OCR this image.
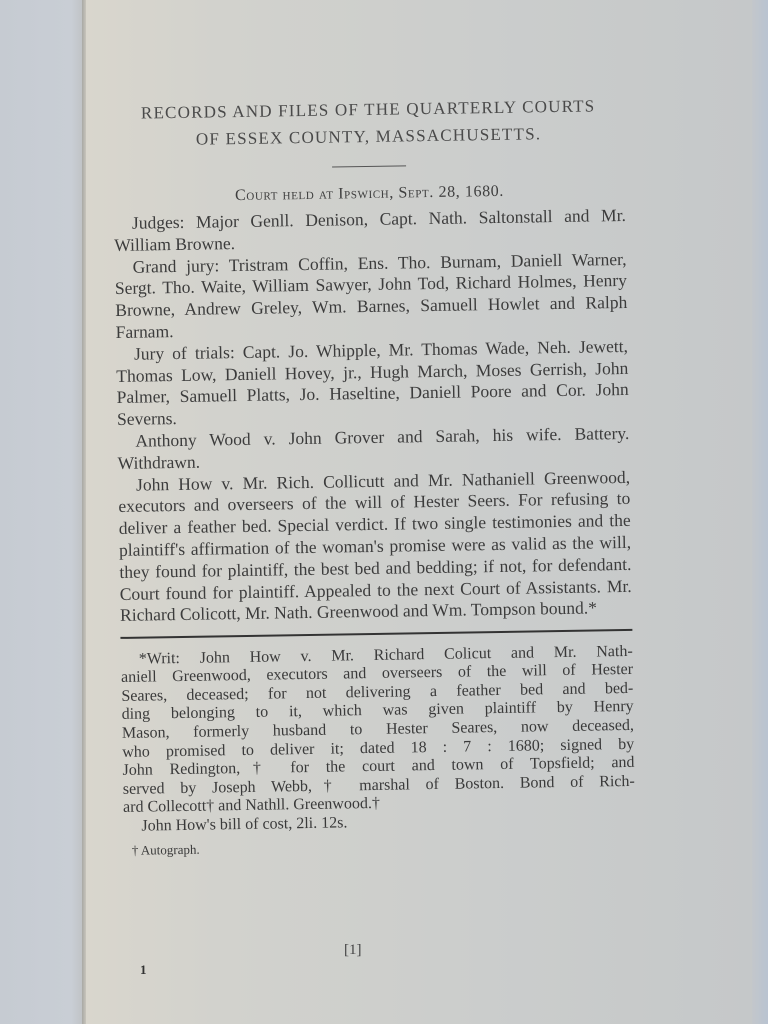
RECORDS AND FILES OF THE QUARTERLY COURTS

OF ESSEX COUNTY, MASSACHUSETTS.

Court held at Ipswich, Sept. 28, 1680.

Judges: Major Genll. Denison, Capt. Nath. Saltonstall and Mr. William Browne.

Grand jury: Tristram Coffin, Ens. Tho. Burnam, Daniell Warner, Sergt. Tho. Waite, William Sawyer, John Tod, Richard Holmes, Henry Browne, Andrew Greley, Wm. Barnes, Samuell Howlet and Ralph Farnam.

Jury of trials: Capt. Jo. Whipple, Mr. Thomas Wade, Neh. Jewett, Thomas Low, Daniell Hovey, jr., Hugh March, Moses Gerrish, John Palmer, Samuell Platts, Jo. Haseltine, Daniell Poore and Cor. John Severns.

Anthony Wood v. John Grover and Sarah, his wife. Battery. Withdrawn.

John How v. Mr. Rich. Collicutt and Mr. Nathaniell Greenwood, executors and overseers of the will of Hester Seers. For refusing to deliver a feather bed. Special verdict. If two single testimonies and the plaintiff's affirmation of the woman's promise were as valid as the will, they found for plaintiff, the best bed and bedding; if not, for defendant. Court found for plaintiff. Appealed to the next Court of Assistants. Mr. Richard Colicott, Mr. Nath. Greenwood and Wm. Tompson bound.*

*Writ: John How v. Mr. Richard Colicut and Mr. Nath-

aniell Greenwood, executors and overseers of the will of Hester

Seares, deceased; for not delivering a feather bed and bed-

ding belonging to it, which was given plaintiff by Henry

Mason, formerly husband to Hester Seares, now deceased,

who promised to deliver it; dated 18 : 7 : 1680; signed by

John Redington,† for the court and town of Topsfield; and

served by Joseph Webb,† marshal of Boston. Bond of Rich-

ard Collecott† and Nathll. Greenwood.†

John How's bill of cost, 2li. 12s.

† Autograph.

[1]
1
